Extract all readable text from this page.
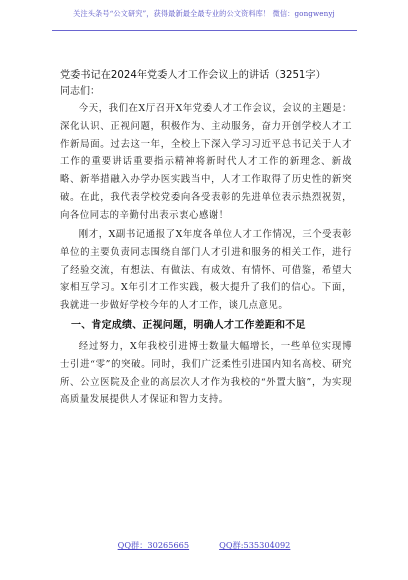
关注头条号“公文研究”，获得最新最全最专业的公文资料库！ 微信：gongwenyj
党委书记在2024年党委人才工作会议上的讲话（3251字）
同志们：

今天，我们在X厅召开X年党委人才工作会议，会议的主题是：深化认识、正视问题，积极作为、主动服务，奋力开创学校人才工作新局面。过去这一年，全校上下深入学习习近平总书记关于人才工作的重要讲话重要指示精神将新时代人才工作的新理念、新战略、新举措融入办学办医实践当中，人才工作取得了历史性的新突破。在此，我代表学校党委向各受表彰的先进单位表示热烈祝贺，向各位同志的辛勤付出表示衷心感谢！

刚才，X副书记通报了X年度各单位人才工作情况，三个受表彰单位的主要负责同志围绕自部门人才引进和服务的相关工作，进行了经验交流，有想法、有做法、有成效、有情怀、可借鉴，希望大家相互学习。X年引才工作实践，极大提升了我们的信心。下面，我就进一步做好学校今年的人才工作，谈几点意见。

一、肯定成绩、正视问题，明确人才工作差距和不足

经过努力，X年我校引进博士数量大幅增长，一些单位实现博士引进“零”的突破。同时，我们广泛柔性引进国内知名高校、研究所、公立医院及企业的高层次人才作为我校的“外置大脑”，为实现高质量发展提供人才保证和智力支持。

QQ群：30265665	QQ群:535304092
